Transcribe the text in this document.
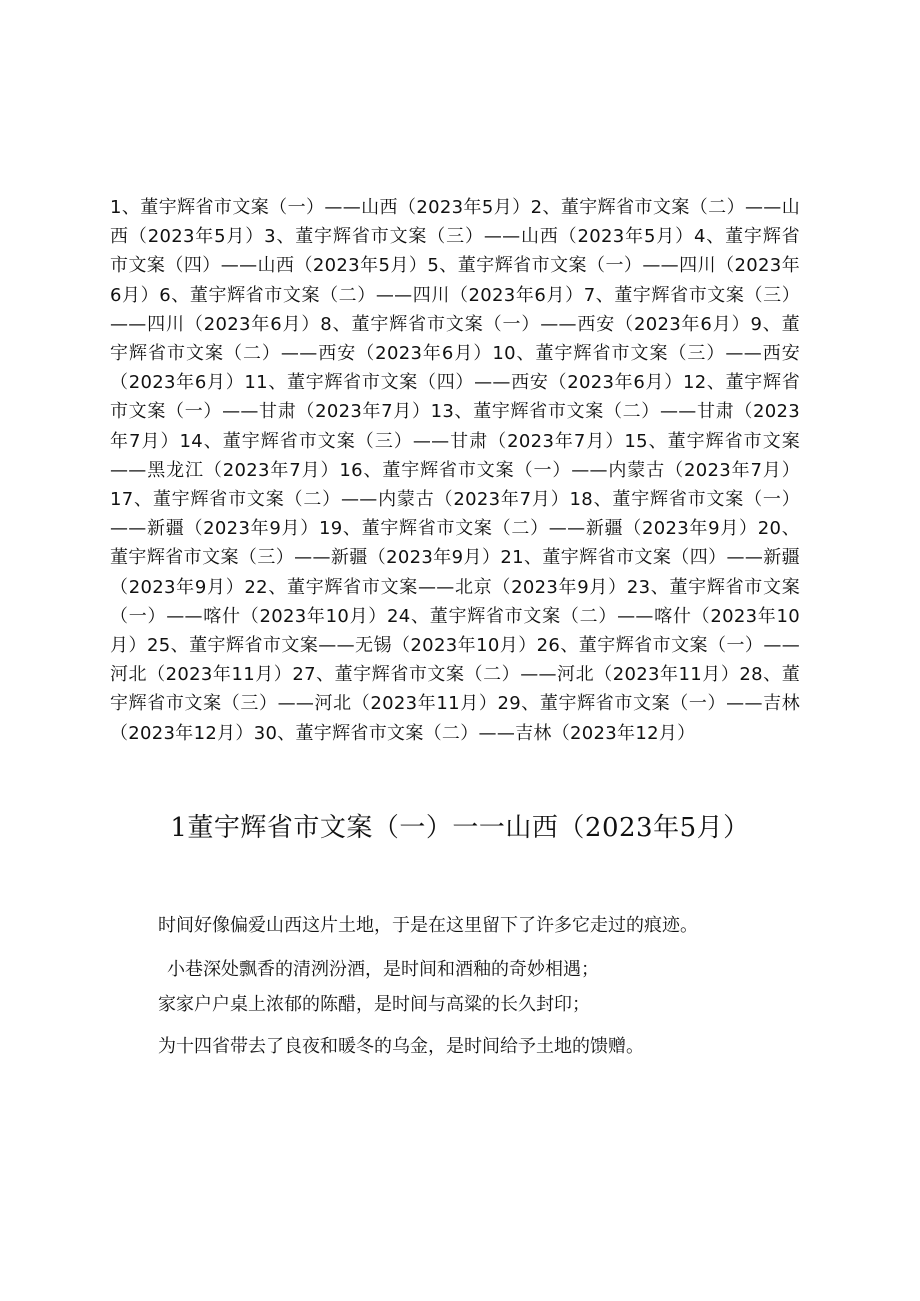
1、董宇辉省市文案（一）——山西（2023年5月）2、董宇辉省市文案（二）——山西（2023年5月）3、董宇辉省市文案（三）——山西（2023年5月）4、董宇辉省市文案（四）——山西（2023年5月）5、董宇辉省市文案（一）——四川（2023年6月）6、董宇辉省市文案（二）——四川（2023年6月）7、董宇辉省市文案（三）——四川（2023年6月）8、董宇辉省市文案（一）——西安（2023年6月）9、董宇辉省市文案（二）——西安（2023年6月）10、董宇辉省市文案（三）——西安（2023年6月）11、董宇辉省市文案（四）——西安（2023年6月）12、董宇辉省市文案（一）——甘肃（2023年7月）13、董宇辉省市文案（二）——甘肃（2023年7月）14、董宇辉省市文案（三）——甘肃（2023年7月）15、董宇辉省市文案——黑龙江（2023年7月）16、董宇辉省市文案（一）——内蒙古（2023年7月）17、董宇辉省市文案（二）——内蒙古（2023年7月）18、董宇辉省市文案（一）——新疆（2023年9月）19、董宇辉省市文案（二）——新疆（2023年9月）20、董宇辉省市文案（三）——新疆（2023年9月）21、董宇辉省市文案（四）——新疆（2023年9月）22、董宇辉省市文案——北京（2023年9月）23、董宇辉省市文案（一）——喀什（2023年10月）24、董宇辉省市文案（二）——喀什（2023年10月）25、董宇辉省市文案——无锡（2023年10月）26、董宇辉省市文案（一）——河北（2023年11月）27、董宇辉省市文案（二）——河北（2023年11月）28、董宇辉省市文案（三）——河北（2023年11月）29、董宇辉省市文案（一）——吉林（2023年12月）30、董宇辉省市文案（二）——吉林（2023年12月）
1董宇辉省市文案（一）一一山西（2023年5月）

时间好像偏爱山西这片土地，于是在这里留下了许多它走过的痕迹。

小巷深处飘香的清洌汾酒，是时间和酒釉的奇妙相遇；

家家户户桌上浓郁的陈醋，是时间与高粱的长久封印；

为十四省带去了良夜和暖冬的乌金，是时间给予土地的馈赠。
